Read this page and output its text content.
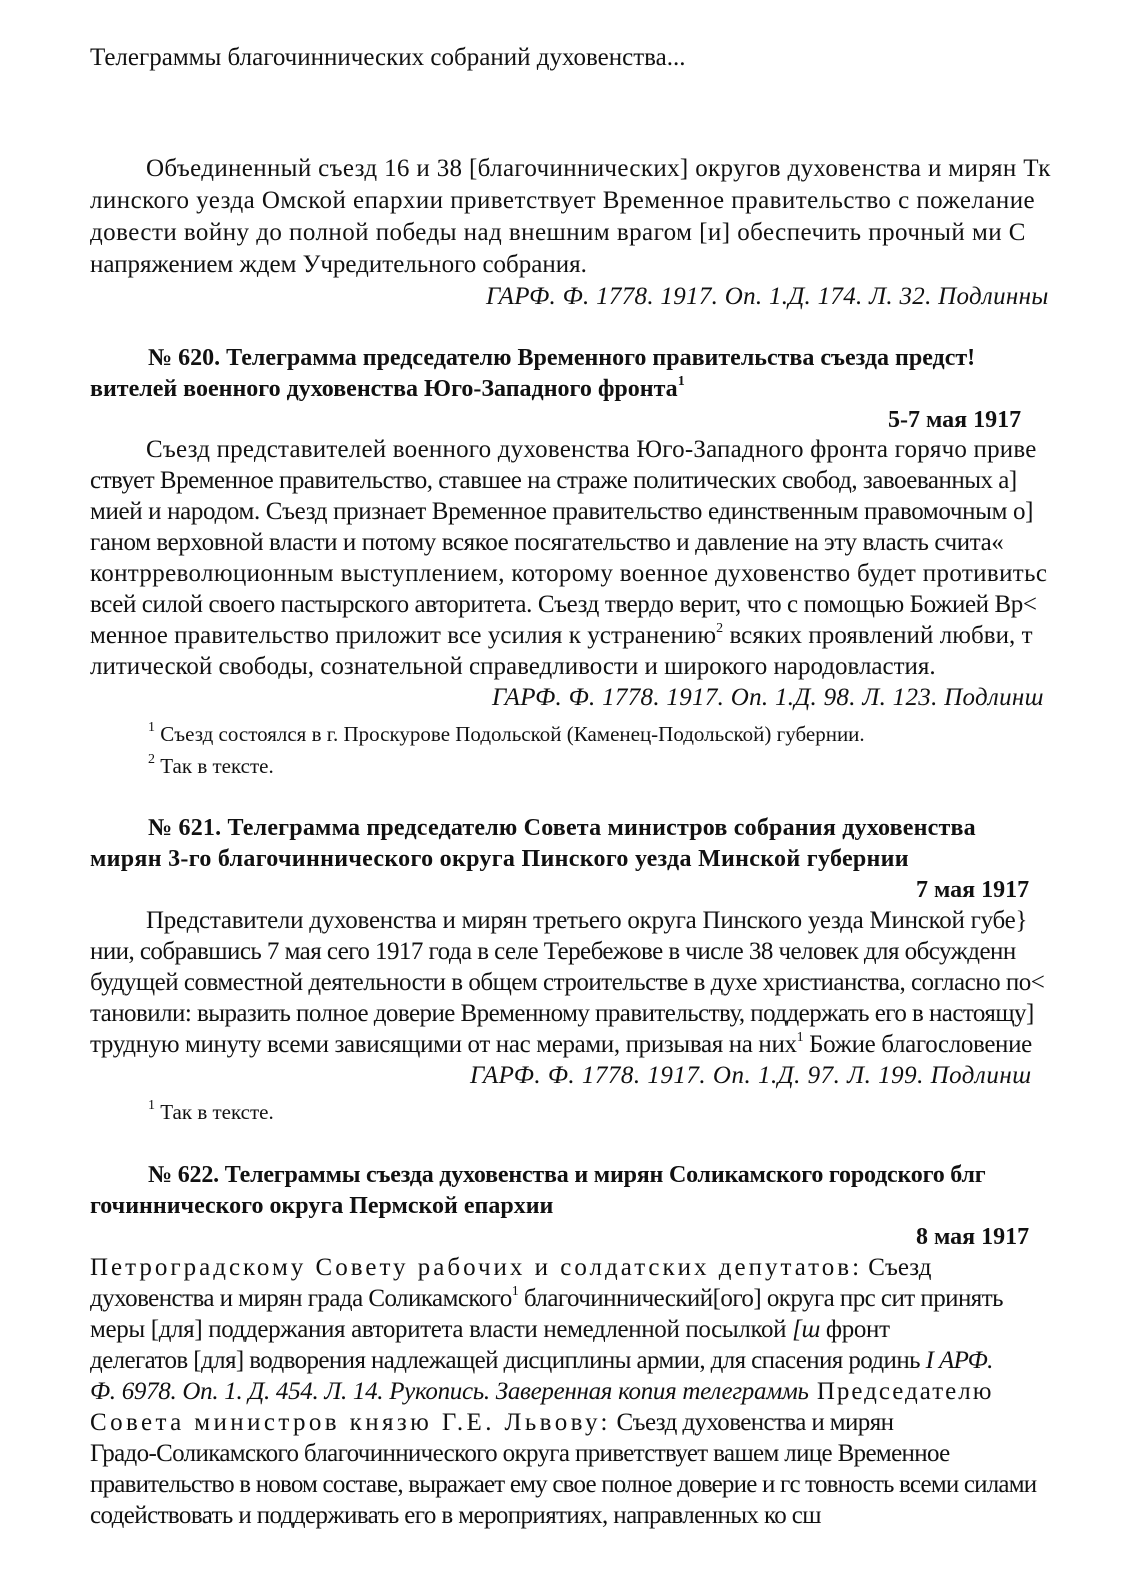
Телеграммы благочиннических собраний духовенства...
Объединенный съезд 16 и 38 [благочиннических] округов духовенства и мирян Тк
линского уезда Омской епархии приветствует Временное правительство с пожелание
довести войну до полной победы над внешним врагом [и] обеспечить прочный ми С
напряжением ждем Учредительного собрания.
ГАРФ. Ф. 1778. 1917. Оп. 1.Д. 174. Л. 32. Подлинны
№ 620. Телеграмма председателю Временного правительства съезда предст!
вителей военного духовенства Юго-Западного фронта$^1$
5-7 мая 1917
Съезд представителей военного духовенства Юго-Западного фронта горячо приве
ствует Временное правительство, ставшее на страже политических свобод, завоеванных а]
мией и народом. Съезд признает Временное правительство единственным правомочным о]
ганом верховной власти и потому всякое посягательство и давление на эту власть счита«
контрреволюционным выступлением, которому военное духовенство будет противитьс
всей силой своего пастырского авторитета. Съезд твердо верит, что с помощью Божией Вр<
менное правительство приложит все усилия к устранению$^2$ всяких проявлений любви, т
литической свободы, сознательной справедливости и широкого народовластия.
ГАРФ. Ф. 1778. 1917. Оп. 1.Д. 98. Л. 123. Подлинш
$^1$ Съезд состоялся в г. Проскурове Подольской (Каменец-Подольской) губернии.
$^2$ Так в тексте.
№ 621. Телеграмма председателю Совета министров собрания духовенства
мирян 3-го благочиннического округа Пинского уезда Минской губернии
7 мая 1917
Представители духовенства и мирян третьего округа Пинского уезда Минской губе}
нии, собравшись 7 мая сего 1917 года в селе Теребежове в числе 38 человек для обсужденн
будущей совместной деятельности в общем строительстве в духе христианства, согласно по<
тановили: выразить полное доверие Временному правительству, поддержать его в настоящу]
трудную минуту всеми зависящими от нас мерами, призывая на них$^1$ Божие благословение
ГАРФ. Ф. 1778. 1917. Оп. 1.Д. 97. Л. 199. Подлинш
$^1$ Так в тексте.
№ 622. Телеграммы съезда духовенства и мирян Соликамского городского блг
гочиннического округа Пермской епархии
8 мая 1917
Петроградскому Совету рабочих и солдатских депутатов: Съезд
духовенства и мирян града Соликамского$^1$ благочиннический[ого] округа прс сит принять
меры [для] поддержания авторитета власти немедленной посылкой [ш фронт
делегатов [для] водворения надлежащей дисциплины армии, для спасения родинь I АРФ.
Ф. 6978. Оп. 1. Д. 454. Л. 14. Рукопись. Заверенная копия телеграммь Председателю
Совета министров князю Г.Е. Львову: Съезд духовенства и мирян
Градо-Соликамского благочиннического округа приветствует вашем лице Временное
правительство в новом составе, выражает ему свое полное доверие и гс товность всеми силами
содействовать и поддерживать его в мероприятиях, направленных ко сш
